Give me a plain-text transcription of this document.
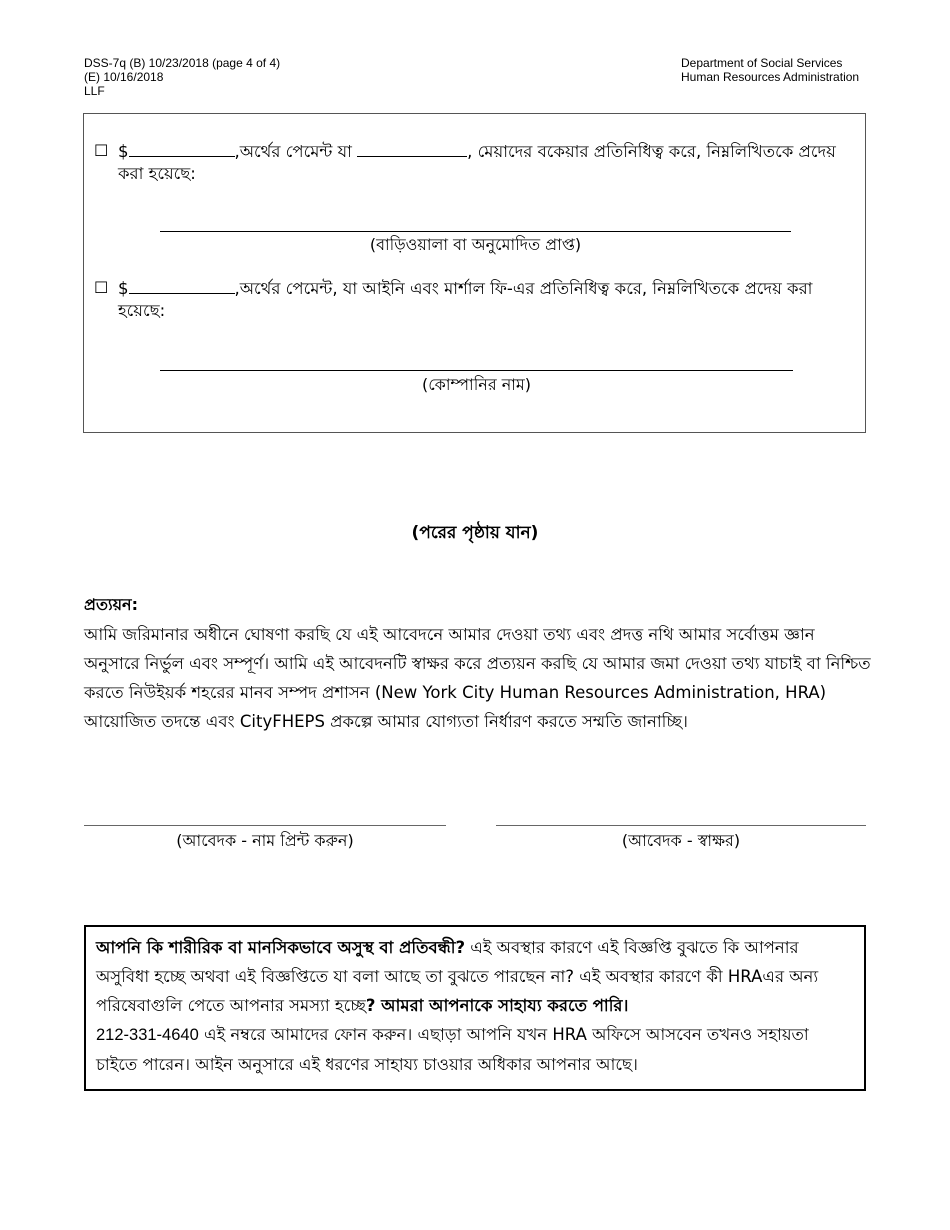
DSS-7q (B) 10/23/2018 (page 4 of 4)
(E) 10/16/2018
LLF
Department of Social Services
Human Resources Administration
☐ $	,অর্থের পেমেন্ট যা	, মেয়াদের বকেয়ার প্রতিনিধিত্ব করে, নিম্নলিখিতকে প্রদেয় করা হয়েছে:
(বাড়িওয়ালা বা অনুমোদিত প্রাপ্ত)
☐ $	,অর্থের পেমেন্ট, যা আইনি এবং মার্শাল ফি-এর প্রতিনিধিত্ব করে, নিম্নলিখিতকে প্রদেয় করা হয়েছে:
(কোম্পানির নাম)
(পরের পৃষ্ঠায় যান)
প্রত্যয়ন:
আমি জরিমানার অধীনে ঘোষণা করছি যে এই আবেদনে আমার দেওয়া তথ্য এবং প্রদত্ত নথি আমার সর্বোত্তম জ্ঞান অনুসারে নির্ভুল এবং সম্পূর্ণ। আমি এই আবেদনটি স্বাক্ষর করে প্রত্যয়ন করছি যে আমার জমা দেওয়া তথ্য যাচাই বা নিশ্চিত করতে নিউইয়র্ক শহরের মানব সম্পদ প্রশাসন (New York City Human Resources Administration, HRA) আয়োজিত তদন্তে এবং CityFHEPS প্রকল্পে আমার যোগ্যতা নির্ধারণ করতে সম্মতি জানাচ্ছি।
(আবেদক - নাম প্রিন্ট করুন)	(আবেদক - স্বাক্ষর)
আপনি কি শারীরিক বা মানসিকভাবে অসুস্থ বা প্রতিবন্ধী? এই অবস্থার কারণে এই বিজ্ঞপ্তি বুঝতে কি আপনার অসুবিধা হচ্ছে অথবা এই বিজ্ঞপ্তিতে যা বলা আছে তা বুঝতে পারছেন না? এই অবস্থার কারণে কী HRAএর অন্য পরিষেবাগুলি পেতে আপনার সমস্যা হচ্ছে? আমরা আপনাকে সাহায্য করতে পারি।
212-331-4640 এই নম্বরে আমাদের ফোন করুন। এছাড়া আপনি যখন HRA অফিসে আসবেন তখনও সহায়তা চাইতে পারেন। আইন অনুসারে এই ধরণের সাহায্য চাওয়ার অধিকার আপনার আছে।
